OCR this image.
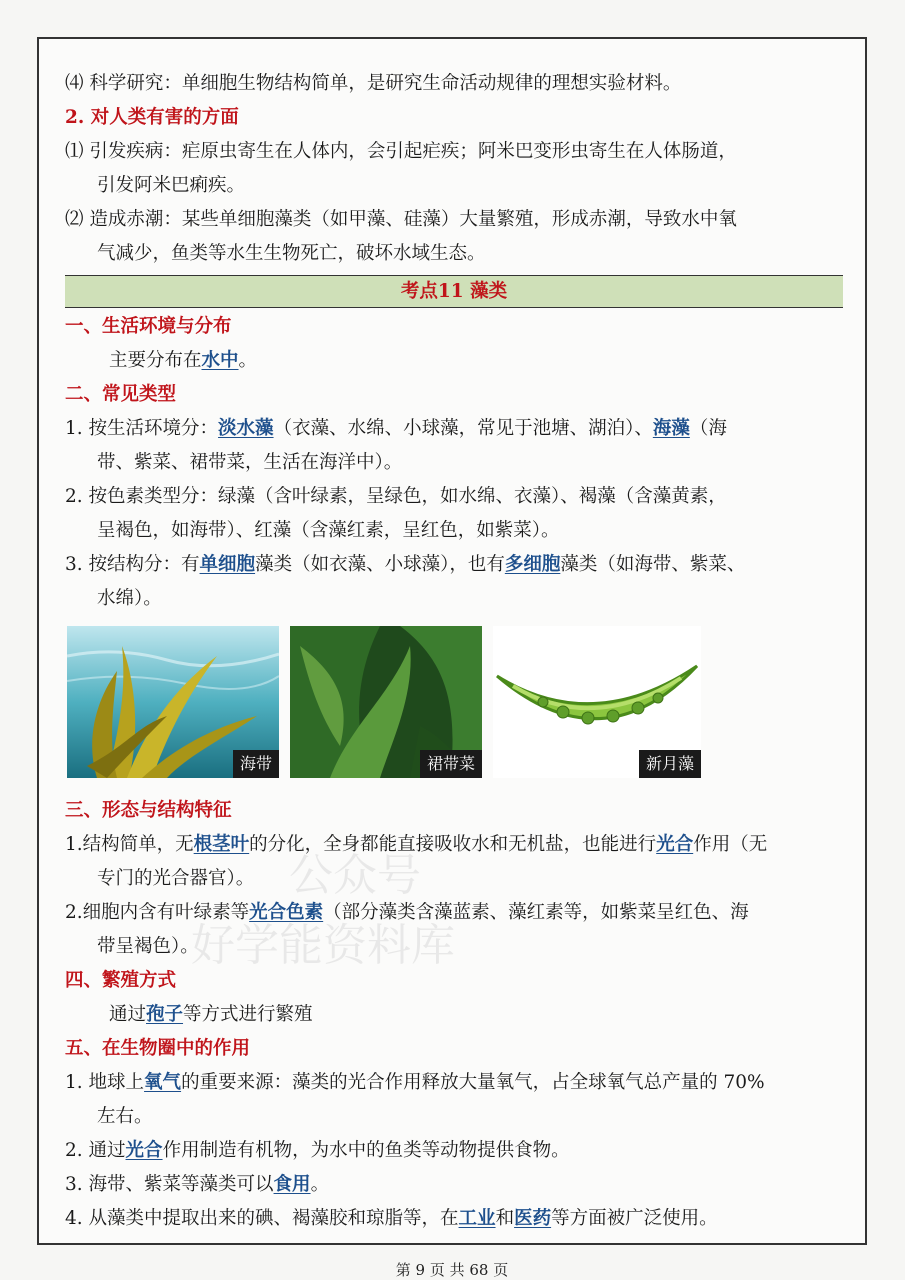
⑷ 科学研究：单细胞生物结构简单，是研究生命活动规律的理想实验材料。
2. 对人类有害的方面
⑴ 引发疾病：疟原虫寄生在人体内，会引起疟疾；阿米巴变形虫寄生在人体肠道，
引发阿米巴痢疾。
⑵ 造成赤潮：某些单细胞藻类（如甲藻、硅藻）大量繁殖，形成赤潮，导致水中氧
气减少，鱼类等水生生物死亡，破坏水域生态。
考点11 藻类
一、生活环境与分布
主要分布在水中。
二、常见类型
1. 按生活环境分：淡水藻（衣藻、水绵、小球藻，常见于池塘、湖泊）、海藻（海
带、紫菜、裙带菜，生活在海洋中）。
2. 按色素类型分：绿藻（含叶绿素，呈绿色，如水绵、衣藻）、褐藻（含藻黄素，
呈褐色，如海带）、红藻（含藻红素，呈红色，如紫菜）。
3. 按结构分：有单细胞藻类（如衣藻、小球藻），也有多细胞藻类（如海带、紫菜、
水绵）。
海带	裙带菜	新月藻
三、形态与结构特征
1.结构简单，无根茎叶的分化，全身都能直接吸收水和无机盐，也能进行光合作用（无
专门的光合器官）。
2.细胞内含有叶绿素等光合色素（部分藻类含藻蓝素、藻红素等，如紫菜呈红色、海
带呈褐色）。
四、繁殖方式
通过孢子等方式进行繁殖
五、在生物圈中的作用
1. 地球上氧气的重要来源：藻类的光合作用释放大量氧气，占全球氧气总产量的 70%
左右。
2. 通过光合作用制造有机物，为水中的鱼类等动物提供食物。
3. 海带、紫菜等藻类可以食用。
4. 从藻类中提取出来的碘、褐藻胶和琼脂等，在工业和医药等方面被广泛使用。
公众号
好学能资料库
第 9 页 共 68 页
